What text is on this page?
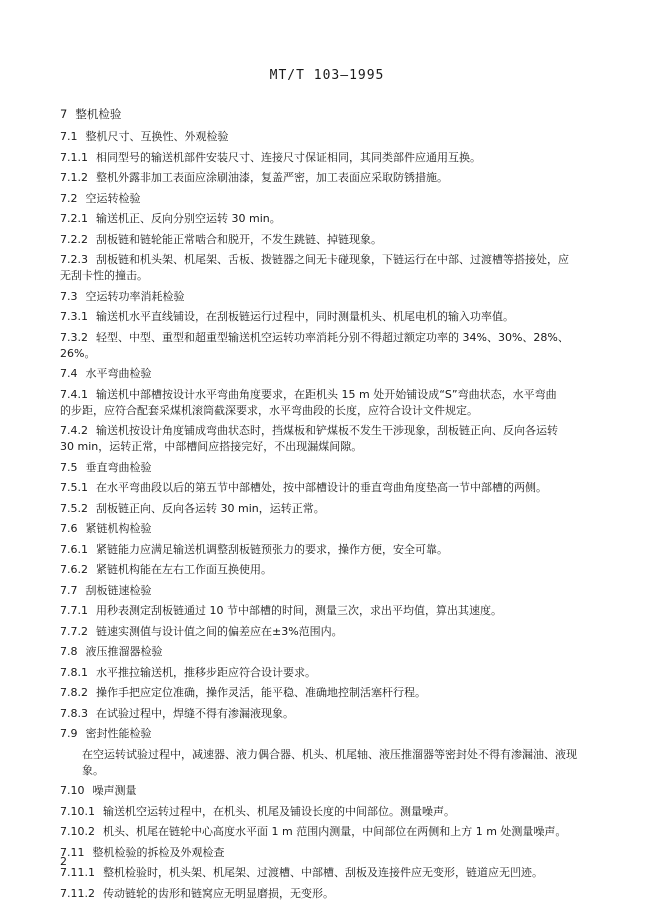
MT/T 103—1995
7 整机检验
7.1 整机尺寸、互换性、外观检验
7.1.1 相同型号的输送机部件安装尺寸、连接尺寸保证相同，其同类部件应通用互换。
7.1.2 整机外露非加工表面应涂刷油漆，复盖严密，加工表面应采取防锈措施。
7.2 空运转检验
7.2.1 输送机正、反向分别空运转 30 min。
7.2.2 刮板链和链轮能正常啮合和脱开，不发生跳链、掉链现象。
7.2.3 刮板链和机头架、机尾架、舌板、拨链器之间无卡碰现象，下链运行在中部、过渡槽等搭接处，应
无刮卡性的撞击。
7.3 空运转功率消耗检验
7.3.1 输送机水平直线铺设，在刮板链运行过程中，同时测量机头、机尾电机的输入功率值。
7.3.2 轻型、中型、重型和超重型输送机空运转功率消耗分别不得超过额定功率的 34%、30%、28%、
26%。
7.4 水平弯曲检验
7.4.1 输送机中部槽按设计水平弯曲角度要求，在距机头 15 m 处开始铺设成“S”弯曲状态，水平弯曲
的步距，应符合配套采煤机滚筒截深要求，水平弯曲段的长度，应符合设计文件规定。
7.4.2 输送机按设计角度铺成弯曲状态时，挡煤板和铲煤板不发生干涉现象，刮板链正向、反向各运转
30 min，运转正常，中部槽间应搭接完好，不出现漏煤间隙。
7.5 垂直弯曲检验
7.5.1 在水平弯曲段以后的第五节中部槽处，按中部槽设计的垂直弯曲角度垫高一节中部槽的两侧。
7.5.2 刮板链正向、反向各运转 30 min，运转正常。
7.6 紧链机构检验
7.6.1 紧链能力应满足输送机调整刮板链预张力的要求，操作方便，安全可靠。
7.6.2 紧链机构能在左右工作面互换使用。
7.7 刮板链速检验
7.7.1 用秒表测定刮板链通过 10 节中部槽的时间，测量三次，求出平均值，算出其速度。
7.7.2 链速实测值与设计值之间的偏差应在±3%范围内。
7.8 液压推溜器检验
7.8.1 水平推拉输送机，推移步距应符合设计要求。
7.8.2 操作手把应定位准确，操作灵活，能平稳、准确地控制活塞杆行程。
7.8.3 在试验过程中，焊缝不得有渗漏液现象。
7.9 密封性能检验
在空运转试验过程中，减速器、液力偶合器、机头、机尾轴、液压推溜器等密封处不得有渗漏油、液现
象。
7.10 噪声测量
7.10.1 输送机空运转过程中，在机头、机尾及铺设长度的中间部位。测量噪声。
7.10.2 机头、机尾在链轮中心高度水平面 1 m 范围内测量，中间部位在两侧和上方 1 m 处测量噪声。
7.11 整机检验的拆检及外观检查
7.11.1 整机检验时，机头架、机尾架、过渡槽、中部槽、刮板及连接件应无变形，链道应无凹迹。
7.11.2 传动链轮的齿形和链窝应无明显磨损，无变形。
2
